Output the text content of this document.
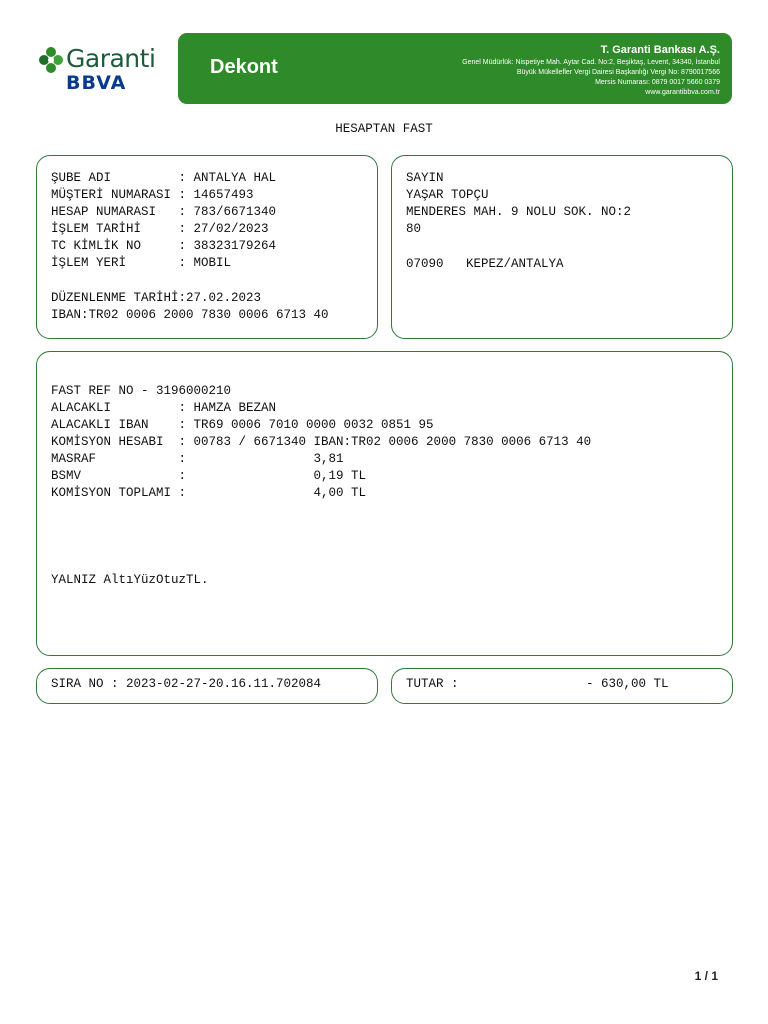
Garanti
BBVA
Dekont
T. Garanti Bankası A.Ş.
Genel Müdürlük: Nispetiye Mah. Aytar Cad. No:2, Beşiktaş, Levent, 34340, İstanbul
Büyük Mükellefler Vergi Dairesi Başkanlığı Vergi No: 8790017566
Mersis Numarası: 0879 0017 5660 0379
www.garantibbva.com.tr
HESAPTAN FAST
ŞUBE ADI         : ANTALYA HAL
MÜŞTERİ NUMARASI : 14657493
HESAP NUMARASI   : 783/6671340
İŞLEM TARİHİ     : 27/02/2023
TC KİMLİK NO     : 38323179264
İŞLEM YERİ       : MOBIL
DÜZENLENME TARİHİ:27.02.2023
IBAN:TR02 0006 2000 7830 0006 6713 40
SAYIN
YAŞAR TOPÇU
MENDERES MAH. 9 NOLU SOK. NO:2
80
07090   KEPEZ/ANTALYA
FAST REF NO - 3196000210
ALACAKLI         : HAMZA BEZAN
ALACAKLI IBAN    : TR69 0006 7010 0000 0032 0851 95
KOMİSYON HESABI  : 00783 / 6671340 IBAN:TR02 0006 2000 7830 0006 6713 40
MASRAF           :                 3,81
BSMV             :                 0,19 TL
KOMİSYON TOPLAMI :                 4,00 TL
YALNIZ AltıYüzOtuzTL.
SIRA NO : 2023-02-27-20.16.11.702084	TUTAR :                 - 630,00 TL
1 / 1
